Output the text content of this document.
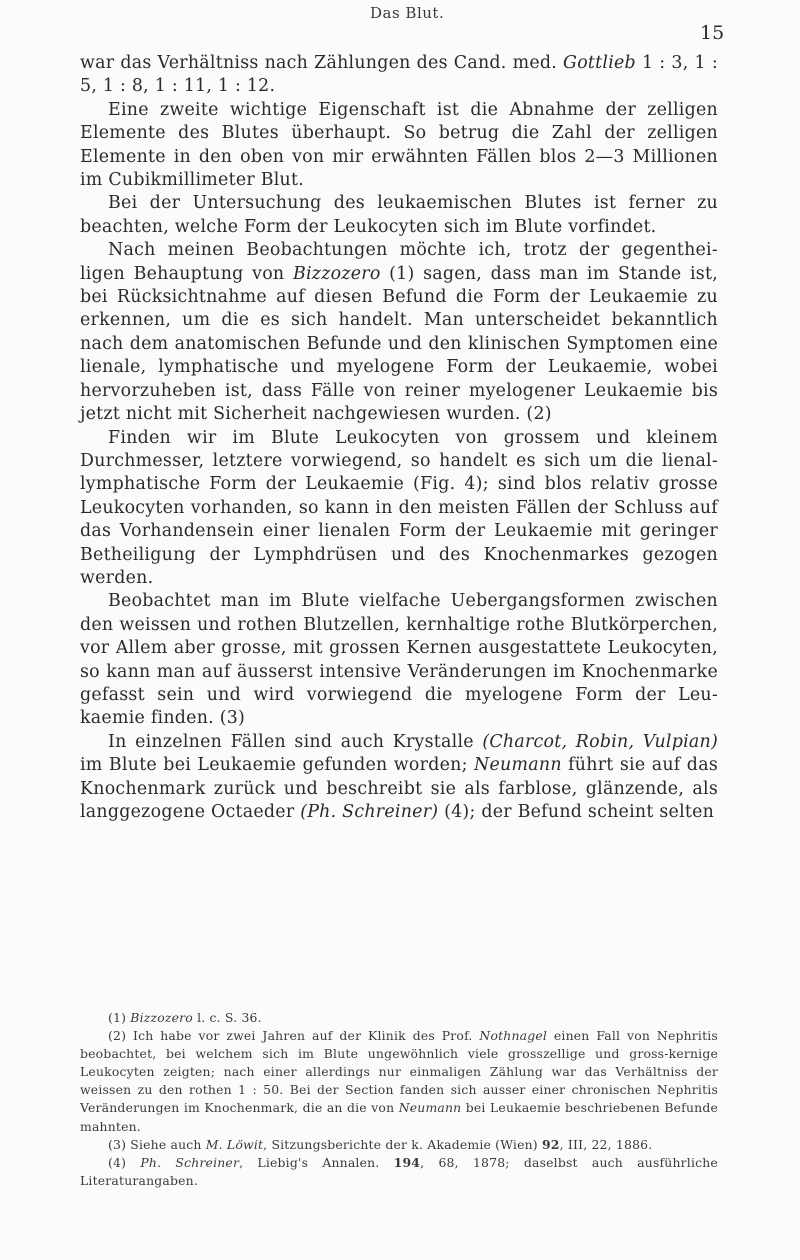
Das Blut.
15

war das Verhältniss nach Zählungen des Cand. med. Gottlieb 1 : 3, 1 : 5, 1 : 8, 1 : 11, 1 : 12.

Eine zweite wichtige Eigenschaft ist die Abnahme der zelligen Elemente des Blutes überhaupt. So betrug die Zahl der zelligen Elemente in den oben von mir erwähnten Fällen blos 2—3 Millionen im Cubikmillimeter Blut.

Bei der Untersuchung des leukaemischen Blutes ist ferner zu beachten, welche Form der Leukocyten sich im Blute vorfindet.

Nach meinen Beobachtungen möchte ich, trotz der gegenthei-ligen Behauptung von Bizzozero (1) sagen, dass man im Stande ist, bei Rücksichtnahme auf diesen Befund die Form der Leukaemie zu erkennen, um die es sich handelt. Man unterscheidet bekanntlich nach dem anatomischen Befunde und den klinischen Symptomen eine lienale, lymphatische und myelogene Form der Leukaemie, wobei hervorzuheben ist, dass Fälle von reiner myelogener Leukaemie bis jetzt nicht mit Sicherheit nachgewiesen wurden. (2)

Finden wir im Blute Leukocyten von grossem und kleinem Durchmesser, letztere vorwiegend, so handelt es sich um die lienal-lymphatische Form der Leukaemie (Fig. 4); sind blos relativ grosse Leukocyten vorhanden, so kann in den meisten Fällen der Schluss auf das Vorhandensein einer lienalen Form der Leukaemie mit geringer Betheiligung der Lymphdrüsen und des Knochenmarkes gezogen werden.

Beobachtet man im Blute vielfache Uebergangsformen zwischen den weissen und rothen Blutzellen, kernhaltige rothe Blutkörperchen, vor Allem aber grosse, mit grossen Kernen ausgestattete Leukocyten, so kann man auf äusserst intensive Veränderungen im Knochenmarke gefasst sein und wird vorwiegend die myelogene Form der Leu-kaemie finden. (3)

In einzelnen Fällen sind auch Krystalle (Charcot, Robin, Vulpian) im Blute bei Leukaemie gefunden worden; Neumann führt sie auf das Knochenmark zurück und beschreibt sie als farblose, glänzende, als langgezogene Octaeder (Ph. Schreiner) (4); der Befund scheint selten

(1) Bizzozero l. c. S. 36.

(2) Ich habe vor zwei Jahren auf der Klinik des Prof. Nothnagel einen Fall von Nephritis beobachtet, bei welchem sich im Blute ungewöhnlich viele grosszellige und gross-kernige Leukocyten zeigten; nach einer allerdings nur einmaligen Zählung war das Verhältniss der weissen zu den rothen 1 : 50. Bei der Section fanden sich ausser einer chronischen Nephritis Veränderungen im Knochenmark, die an die von Neumann bei Leukaemie beschriebenen Befunde mahnten.

(3) Siehe auch M. Löwit, Sitzungsberichte der k. Akademie (Wien) 92, III, 22, 1886.

(4) Ph. Schreiner, Liebig's Annalen. 194, 68, 1878; daselbst auch ausführliche Literaturangaben.
